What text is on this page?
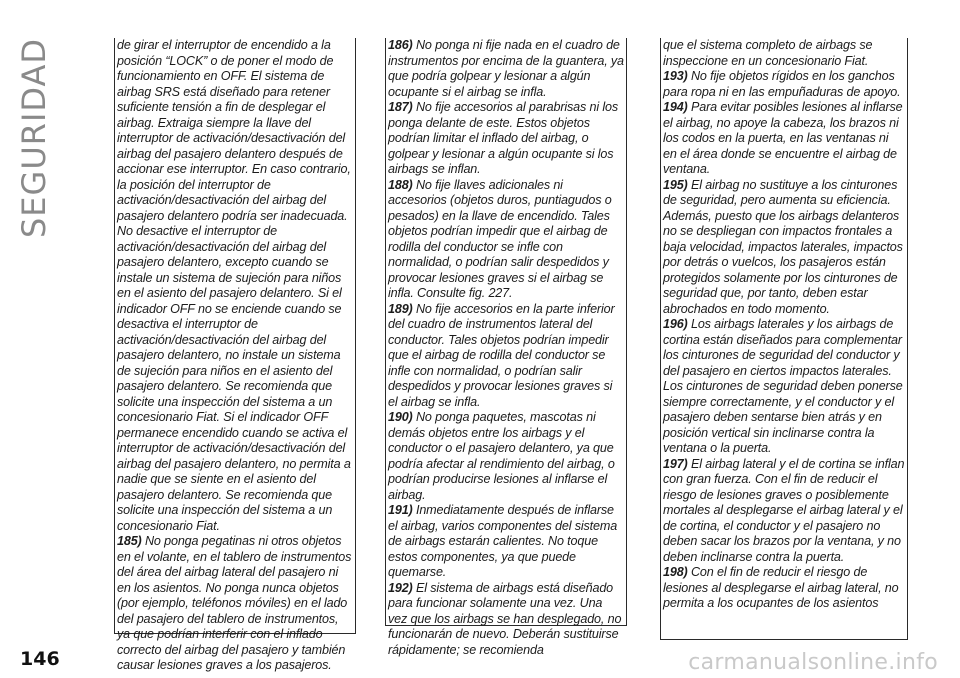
SEGURIDAD	de girar el interruptor de encendido a la posición “LOCK” o de poner el modo de funcionamiento en OFF. El sistema de airbag SRS está diseñado para retener suficiente tensión a fin de desplegar el airbag. Extraiga siempre la llave del interruptor de activación/desactivación del airbag del pasajero delantero después de accionar ese interruptor. En caso contrario, la posición del interruptor de activación/desactivación del airbag del pasajero delantero podría ser inadecuada. No desactive el interruptor de activación/desactivación del airbag del pasajero delantero, excepto cuando se instale un sistema de sujeción para niños en el asiento del pasajero delantero. Si el indicador OFF no se enciende cuando se desactiva el interruptor de activación/desactivación del airbag del pasajero delantero, no instale un sistema de sujeción para niños en el asiento del pasajero delantero. Se recomienda que solicite una inspección del sistema a un concesionario Fiat. Si el indicador OFF permanece encendido cuando se activa el interruptor de activación/desactivación del airbag del pasajero delantero, no permita a nadie que se siente en el asiento del pasajero delantero. Se recomienda que solicite una inspección del sistema a un concesionario Fiat.

185) No ponga pegatinas ni otros objetos en el volante, en el tablero de instrumentos del área del airbag lateral del pasajero ni en los asientos. No ponga nunca objetos (por ejemplo, teléfonos móviles) en el lado del pasajero del tablero de instrumentos, ya que podrían interferir con el inflado correcto del airbag del pasajero y también causar lesiones graves a los pasajeros.

186) No ponga ni fije nada en el cuadro de instrumentos por encima de la guantera, ya que podría golpear y lesionar a algún ocupante si el airbag se infla.

187) No fije accesorios al parabrisas ni los ponga delante de este. Estos objetos podrían limitar el inflado del airbag, o golpear y lesionar a algún ocupante si los airbags se inflan.

188) No fije llaves adicionales ni accesorios (objetos duros, puntiagudos o pesados) en la llave de encendido. Tales objetos podrían impedir que el airbag de rodilla del conductor se infle con normalidad, o podrían salir despedidos y provocar lesiones graves si el airbag se infla. Consulte fig. 227.

189) No fije accesorios en la parte inferior del cuadro de instrumentos lateral del conductor. Tales objetos podrían impedir que el airbag de rodilla del conductor se infle con normalidad, o podrían salir despedidos y provocar lesiones graves si el airbag se infla.

190) No ponga paquetes, mascotas ni demás objetos entre los airbags y el conductor o el pasajero delantero, ya que podría afectar al rendimiento del airbag, o podrían producirse lesiones al inflarse el airbag.

191) Inmediatamente después de inflarse el airbag, varios componentes del sistema de airbags estarán calientes. No toque estos componentes, ya que puede quemarse.

192) El sistema de airbags está diseñado para funcionar solamente una vez. Una vez que los airbags se han desplegado, no funcionarán de nuevo. Deberán sustituirse rápidamente; se recomienda

que el sistema completo de airbags se inspeccione en un concesionario Fiat.

193) No fije objetos rígidos en los ganchos para ropa ni en las empuñaduras de apoyo.

194) Para evitar posibles lesiones al inflarse el airbag, no apoye la cabeza, los brazos ni los codos en la puerta, en las ventanas ni en el área donde se encuentre el airbag de ventana.

195) El airbag no sustituye a los cinturones de seguridad, pero aumenta su eficiencia. Además, puesto que los airbags delanteros no se despliegan con impactos frontales a baja velocidad, impactos laterales, impactos por detrás o vuelcos, los pasajeros están protegidos solamente por los cinturones de seguridad que, por tanto, deben estar abrochados en todo momento.

196) Los airbags laterales y los airbags de cortina están diseñados para complementar los cinturones de seguridad del conductor y del pasajero en ciertos impactos laterales. Los cinturones de seguridad deben ponerse siempre correctamente, y el conductor y el pasajero deben sentarse bien atrás y en posición vertical sin inclinarse contra la ventana o la puerta.

197) El airbag lateral y el de cortina se inflan con gran fuerza. Con el fin de reducir el riesgo de lesiones graves o posiblemente mortales al desplegarse el airbag lateral y el de cortina, el conductor y el pasajero no deben sacar los brazos por la ventana, y no deben inclinarse contra la puerta.

198) Con el fin de reducir el riesgo de lesiones al desplegarse el airbag lateral, no permita a los ocupantes de los asientos

146	carmanualsonline.info
